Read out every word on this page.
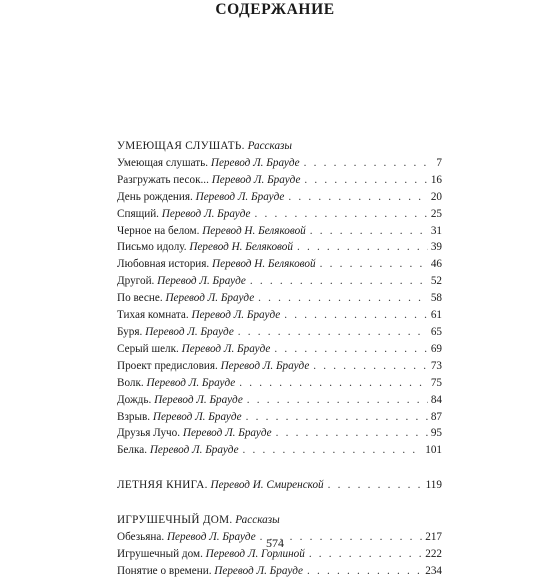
СОДЕРЖАНИЕ
УМЕЮЩАЯ СЛУШАТЬ. Рассказы
Умеющая слушать. Перевод Л. Брауде . . .	7
Разгружать песок... Перевод Л. Брауде . . .	16
День рождения. Перевод Л. Брауде . . .	20
Спящий. Перевод Л. Брауде . . .	25
Черное на белом. Перевод Н. Беляковой . . .	31
Письмо идолу. Перевод Н. Беляковой . . .	39
Любовная история. Перевод Н. Беляковой . . .	46
Другой. Перевод Л. Брауде . . .	52
По весне. Перевод Л. Брауде . . .	58
Тихая комната. Перевод Л. Брауде . . .	61
Буря. Перевод Л. Брауде . . .	65
Серый шелк. Перевод Л. Брауде . . .	69
Проект предисловия. Перевод Л. Брауде . . .	73
Волк. Перевод Л. Брауде . . .	75
Дождь. Перевод Л. Брауде . . .	84
Взрыв. Перевод Л. Брауде . . .	87
Друзья Лучо. Перевод Л. Брауде . . .	95
Белка. Перевод Л. Брауде . . .	101
ЛЕТНЯЯ КНИГА. Перевод И. Смиренской . . .	119
ИГРУШЕЧНЫЙ ДОМ. Рассказы
Обезьяна. Перевод Л. Брауде . . .	217
Игрушечный дом. Перевод Л. Горлиной . . .	222
Понятие о времени. Перевод Л. Брауде . . .	234
574
